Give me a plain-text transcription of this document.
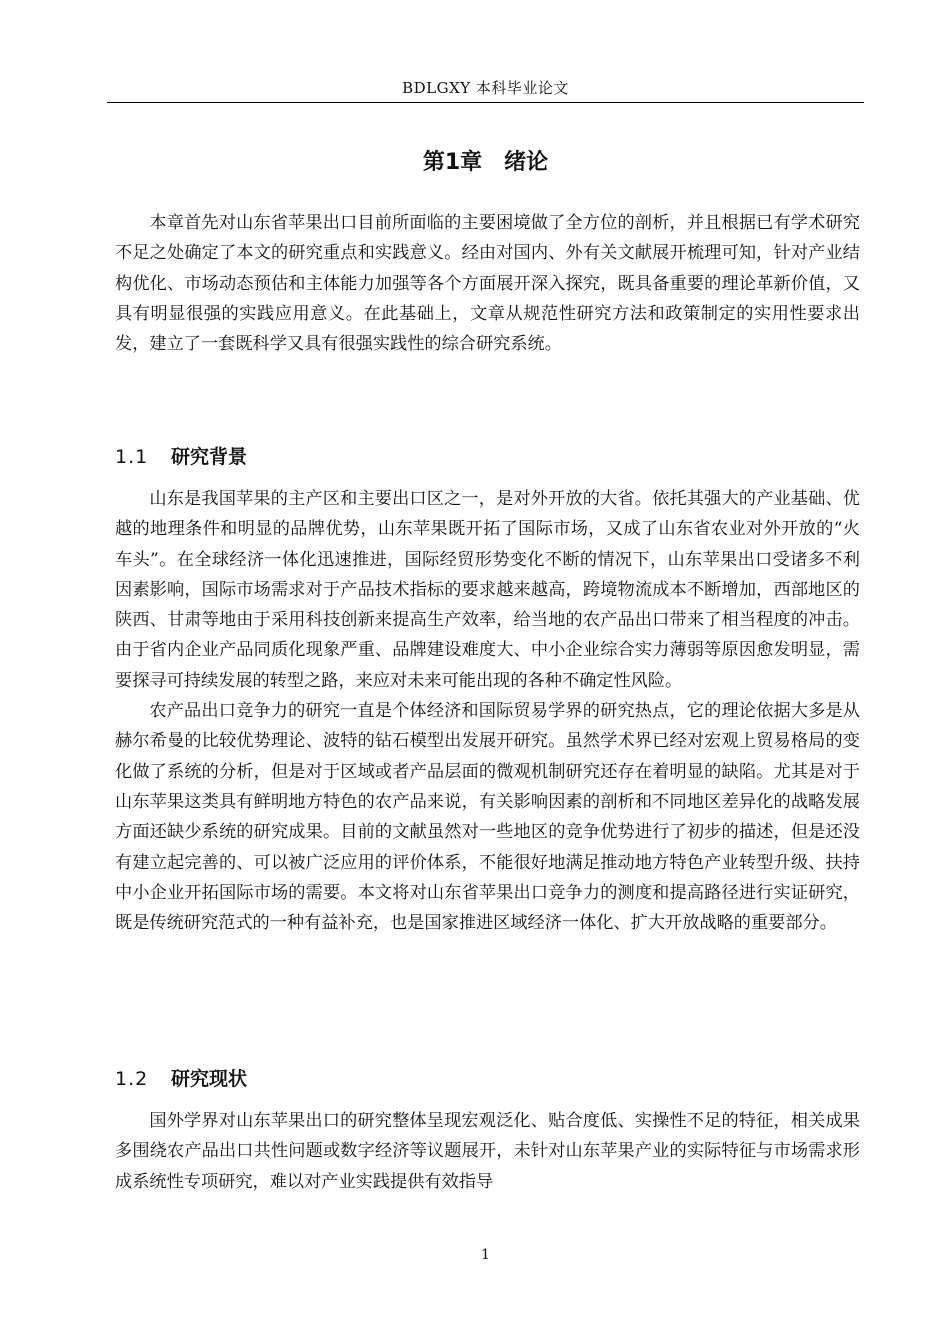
BDLGXY 本科毕业论文
第1章 绪论

本章首先对山东省苹果出口目前所面临的主要困境做了全方位的剖析，并且根据已有学术研究不足之处确定了本文的研究重点和实践意义。经由对国内、外有关文献展开梳理可知，针对产业结构优化、市场动态预估和主体能力加强等各个方面展开深入探究，既具备重要的理论革新价值，又具有明显很强的实践应用意义。在此基础上，文章从规范性研究方法和政策制定的实用性要求出发，建立了一套既科学又具有很强实践性的综合研究系统。

1.1 研究背景

山东是我国苹果的主产区和主要出口区之一，是对外开放的大省。依托其强大的产业基础、优越的地理条件和明显的品牌优势，山东苹果既开拓了国际市场，又成了山东省农业对外开放的“火车头”。在全球经济一体化迅速推进，国际经贸形势变化不断的情况下，山东苹果出口受诸多不利因素影响，国际市场需求对于产品技术指标的要求越来越高，跨境物流成本不断增加，西部地区的陕西、甘肃等地由于采用科技创新来提高生产效率，给当地的农产品出口带来了相当程度的冲击。由于省内企业产品同质化现象严重、品牌建设难度大、中小企业综合实力薄弱等原因愈发明显，需要探寻可持续发展的转型之路，来应对未来可能出现的各种不确定性风险。

农产品出口竞争力的研究一直是个体经济和国际贸易学界的研究热点，它的理论依据大多是从赫尔希曼的比较优势理论、波特的钻石模型出发展开研究。虽然学术界已经对宏观上贸易格局的变化做了系统的分析，但是对于区域或者产品层面的微观机制研究还存在着明显的缺陷。尤其是对于山东苹果这类具有鲜明地方特色的农产品来说，有关影响因素的剖析和不同地区差异化的战略发展方面还缺少系统的研究成果。目前的文献虽然对一些地区的竞争优势进行了初步的描述，但是还没有建立起完善的、可以被广泛应用的评价体系，不能很好地满足推动地方特色产业转型升级、扶持中小企业开拓国际市场的需要。本文将对山东省苹果出口竞争力的测度和提高路径进行实证研究，既是传统研究范式的一种有益补充，也是国家推进区域经济一体化、扩大开放战略的重要部分。

1.2 研究现状

国外学界对山东苹果出口的研究整体呈现宏观泛化、贴合度低、实操性不足的特征，相关成果多围绕农产品出口共性问题或数字经济等议题展开，未针对山东苹果产业的实际特征与市场需求形成系统性专项研究，难以对产业实践提供有效指导

1
